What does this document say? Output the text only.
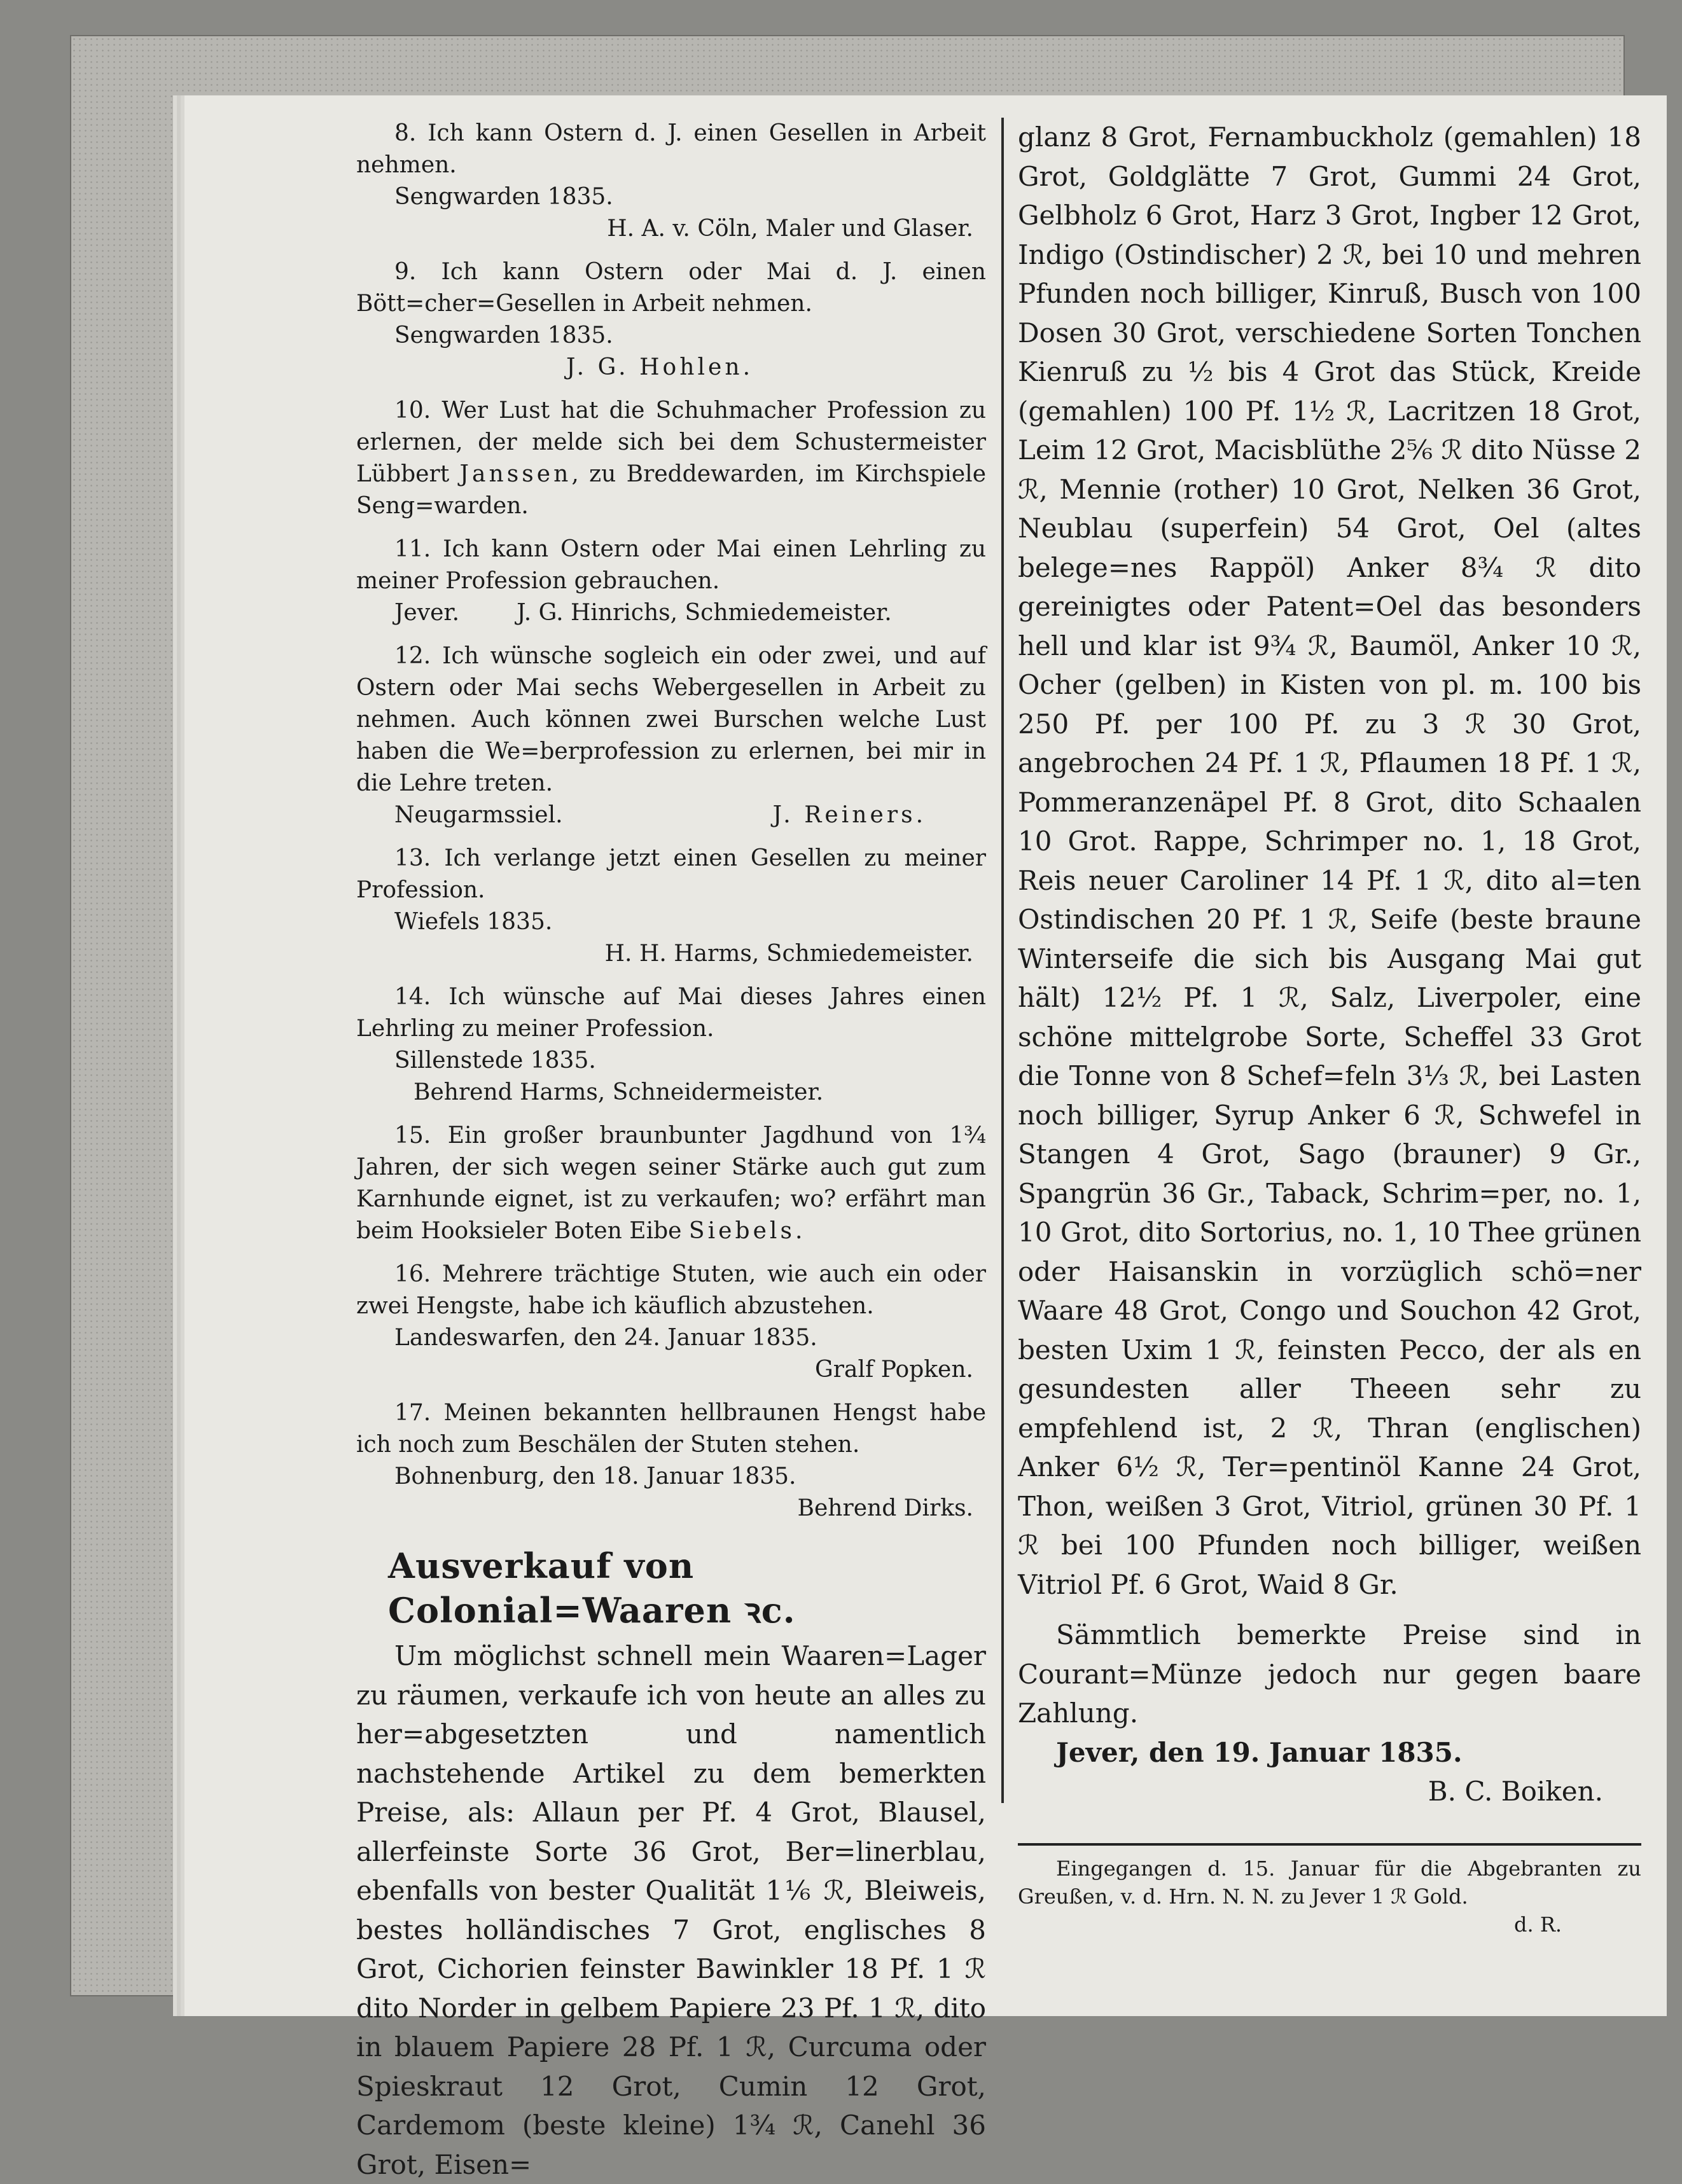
8. Ich kann Ostern d. J. einen Gesellen in Arbeit nehmen.

Sengwarden 1835.

H. A. v. Cöln, Maler und Glaser.

9. Ich kann Ostern oder Mai d. J. einen Bött=cher=Gesellen in Arbeit nehmen.

Sengwarden 1835.

J. G. Hohlen.

10. Wer Lust hat die Schuhmacher Profession zu erlernen, der melde sich bei dem Schustermeister Lübbert Janssen, zu Breddewarden, im Kirchspiele Seng=warden.

11. Ich kann Ostern oder Mai einen Lehrling zu meiner Profession gebrauchen.

Jever.	J. G. Hinrichs, Schmiedemeister.

12. Ich wünsche sogleich ein oder zwei, und auf Ostern oder Mai sechs Webergesellen in Arbeit zu nehmen. Auch können zwei Burschen welche Lust haben die We=berprofession zu erlernen, bei mir in die Lehre treten.

Neugarmssiel.	J. Reiners.

13. Ich verlange jetzt einen Gesellen zu meiner Profession.

Wiefels 1835.

H. H. Harms, Schmiedemeister.

14. Ich wünsche auf Mai dieses Jahres einen Lehrling zu meiner Profession.

Sillenstede 1835.

Behrend Harms, Schneidermeister.

15. Ein großer braunbunter Jagdhund von 1¾ Jahren, der sich wegen seiner Stärke auch gut zum Karnhunde eignet, ist zu verkaufen; wo? erfährt man beim Hooksieler Boten Eibe Siebels.

16. Mehrere trächtige Stuten, wie auch ein oder zwei Hengste, habe ich käuflich abzustehen.

Landeswarfen, den 24. Januar 1835.

Gralf Popken.

17. Meinen bekannten hellbraunen Hengst habe ich noch zum Beschälen der Stuten stehen.

Bohnenburg, den 18. Januar 1835.

Behrend Dirks.

Ausverkauf von Colonial=Waaren ꝛc.

Um möglichst schnell mein Waaren=Lager zu räumen, verkaufe ich von heute an alles zu her=abgesetzten und namentlich nachstehende Artikel zu dem bemerkten Preise, als: Allaun per Pf. 4 Grot, Blausel, allerfeinste Sorte 36 Grot, Ber=linerblau, ebenfalls von bester Qualität 1⅙ ℛ, Bleiweis, bestes holländisches 7 Grot, englisches 8 Grot, Cichorien feinster Bawinkler 18 Pf. 1 ℛ dito Norder in gelbem Papiere 23 Pf. 1 ℛ, dito in blauem Papiere 28 Pf. 1 ℛ, Curcuma oder Spieskraut 12 Grot, Cumin 12 Grot, Cardemom (beste kleine) 1¾ ℛ, Canehl 36 Grot, Eisen=

glanz 8 Grot, Fernambuckholz (gemahlen) 18 Grot, Goldglätte 7 Grot, Gummi 24 Grot, Gelbholz 6 Grot, Harz 3 Grot, Ingber 12 Grot, Indigo (Ostindischer) 2 ℛ, bei 10 und mehren Pfunden noch billiger, Kinruß, Busch von 100 Dosen 30 Grot, verschiedene Sorten Tonchen Kienruß zu ½ bis 4 Grot das Stück, Kreide (gemahlen) 100 Pf. 1½ ℛ, Lacritzen 18 Grot, Leim 12 Grot, Macisblüthe 2⅚ ℛ dito Nüsse 2 ℛ, Mennie (rother) 10 Grot, Nelken 36 Grot, Neublau (superfein) 54 Grot, Oel (altes belege=nes Rappöl) Anker 8¾ ℛ dito gereinigtes oder Patent=Oel das besonders hell und klar ist 9¾ ℛ, Baumöl, Anker 10 ℛ, Ocher (gelben) in Kisten von pl. m. 100 bis 250 Pf. per 100 Pf. zu 3 ℛ 30 Grot, angebrochen 24 Pf. 1 ℛ, Pflaumen 18 Pf. 1 ℛ, Pommeranzenäpel Pf. 8 Grot, dito Schaalen 10 Grot. Rappe, Schrimper no. 1, 18 Grot, Reis neuer Caroliner 14 Pf. 1 ℛ, dito al=ten Ostindischen 20 Pf. 1 ℛ, Seife (beste braune Winterseife die sich bis Ausgang Mai gut hält) 12½ Pf. 1 ℛ, Salz, Liverpoler, eine schöne mittelgrobe Sorte, Scheffel 33 Grot die Tonne von 8 Schef=feln 3⅓ ℛ, bei Lasten noch billiger, Syrup Anker 6 ℛ, Schwefel in Stangen 4 Grot, Sago (brauner) 9 Gr., Spangrün 36 Gr., Taback, Schrim=per, no. 1, 10 Grot, dito Sortorius, no. 1, 10 Thee grünen oder Haisanskin in vorzüglich schö=ner Waare 48 Grot, Congo und Souchon 42 Grot, besten Uxim 1 ℛ, feinsten Pecco, der als en gesundesten aller Theeen sehr zu empfehlend ist, 2 ℛ, Thran (englischen) Anker 6½ ℛ, Ter=pentinöl Kanne 24 Grot, Thon, weißen 3 Grot, Vitriol, grünen 30 Pf. 1 ℛ bei 100 Pfunden noch billiger, weißen Vitriol Pf. 6 Grot, Waid 8 Gr.

Sämmtlich bemerkte Preise sind in Courant=Münze jedoch nur gegen baare Zahlung.

Jever, den 19. Januar 1835.

B. C. Boiken.

Eingegangen d. 15. Januar für die Abgebranten zu Greußen, v. d. Hrn. N. N. zu Jever 1 ℛ Gold.

d. R.
